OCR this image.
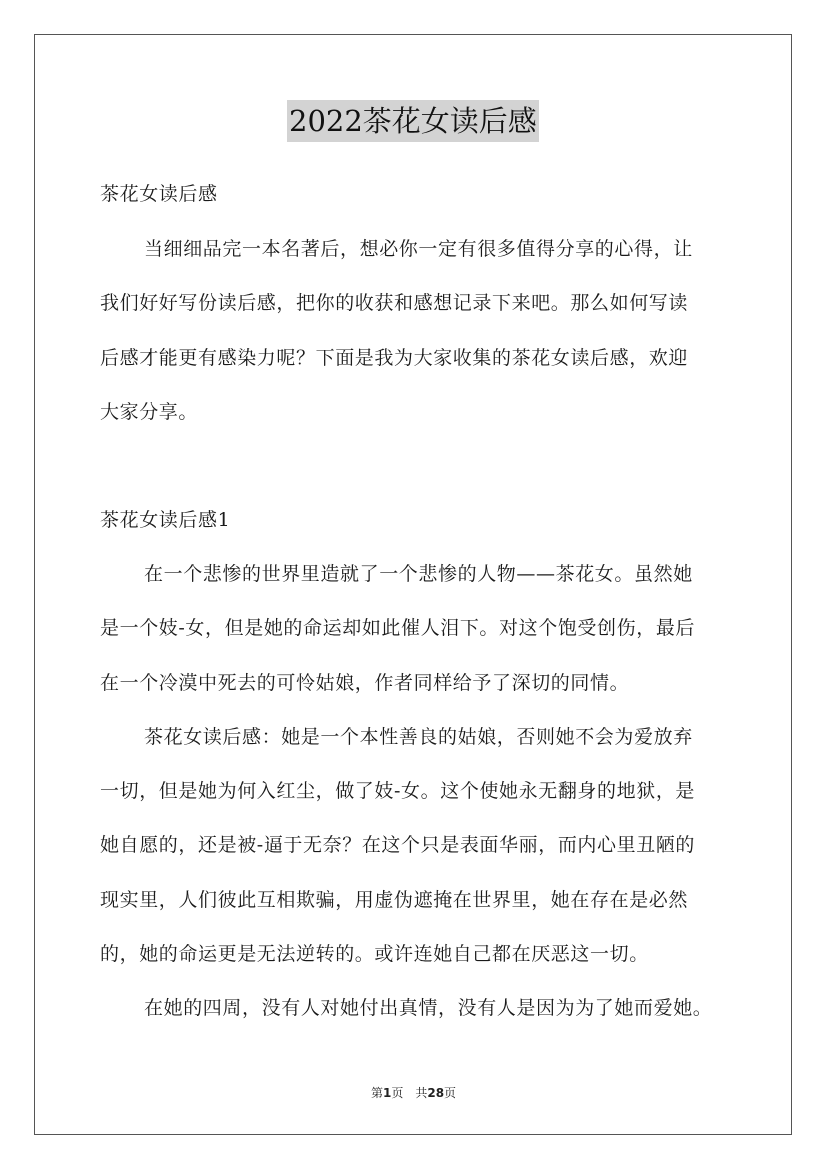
2022茶花女读后感
茶花女读后感
当细细品完一本名著后，想必你一定有很多值得分享的心得，让
我们好好写份读后感，把你的收获和感想记录下来吧。那么如何写读
后感才能更有感染力呢？下面是我为大家收集的茶花女读后感，欢迎
大家分享。
茶花女读后感1
在一个悲惨的世界里造就了一个悲惨的人物——茶花女。虽然她
是一个妓-女，但是她的命运却如此催人泪下。对这个饱受创伤，最后
在一个冷漠中死去的可怜姑娘，作者同样给予了深切的同情。
茶花女读后感：她是一个本性善良的姑娘，否则她不会为爱放弃
一切，但是她为何入红尘，做了妓-女。这个使她永无翻身的地狱，是
她自愿的，还是被-逼于无奈？在这个只是表面华丽，而内心里丑陋的
现实里，人们彼此互相欺骗，用虚伪遮掩在世界里，她在存在是必然
的，她的命运更是无法逆转的。或许连她自己都在厌恶这一切。
在她的四周，没有人对她付出真情，没有人是因为为了她而爱她。
第1页 共28页
